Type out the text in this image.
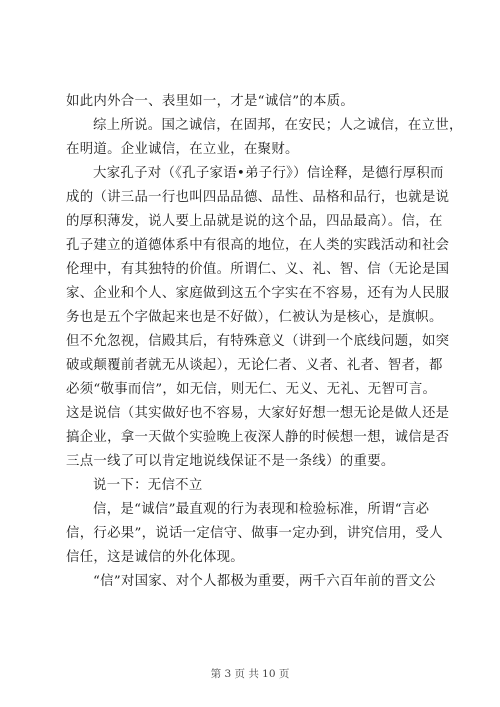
如此内外合一、表里如一，才是“诚信”的本质。
综上所说。国之诚信，在固邦，在安民；人之诚信，在立世，
在明道。企业诚信，在立业，在聚财。
大家孔子对（《孔子家语•弟子行》）信诠释，是德行厚积而
成的（讲三品一行也叫四品品德、品性、品格和品行，也就是说
的厚积薄发，说人要上品就是说的这个品，四品最高）。信，在
孔子建立的道德体系中有很高的地位，在人类的实践活动和社会
伦理中，有其独特的价值。所谓仁、义、礼、智、信（无论是国
家、企业和个人、家庭做到这五个字实在不容易，还有为人民服
务也是五个字做起来也是不好做），仁被认为是核心，是旗帜。
但不允忽视，信殿其后，有特殊意义（讲到一个底线问题，如突
破或颠覆前者就无从谈起），无论仁者、义者、礼者、智者，都
必须“敬事而信”，如无信，则无仁、无义、无礼、无智可言。
这是说信（其实做好也不容易，大家好好想一想无论是做人还是
搞企业，拿一天做个实验晚上夜深人静的时候想一想，诚信是否
三点一线了可以肯定地说线保证不是一条线）的重要。
说一下：无信不立
信，是“诚信”最直观的行为表现和检验标准，所谓“言必
信，行必果”，说话一定信守、做事一定办到，讲究信用，受人
信任，这是诚信的外化体现。
“信”对国家、对个人都极为重要，两千六百年前的晋文公
第 3 页 共 10 页
